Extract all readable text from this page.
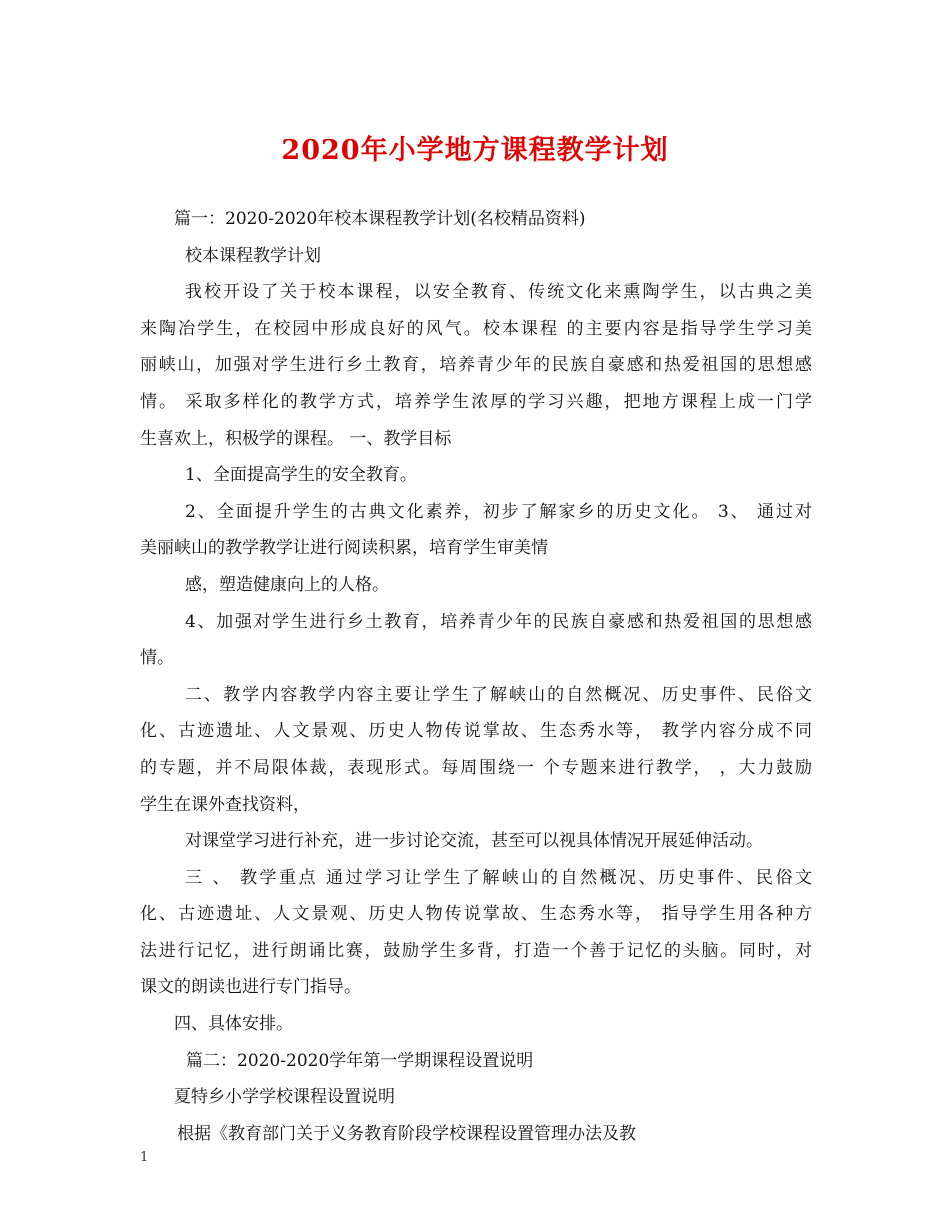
2020年小学地方课程教学计划
篇一：2020-2020年校本课程教学计划(名校精品资料)
校本课程教学计划
我校开设了关于校本课程，以安全教育、传统文化来熏陶学生，以古典之美
来陶冶学生，在校园中形成良好的风气。校本课程 的主要内容是指导学生学习美
丽峡山，加强对学生进行乡土教育，培养青少年的民族自豪感和热爱祖国的思想感
情。 采取多样化的教学方式，培养学生浓厚的学习兴趣，把地方课程上成一门学
生喜欢上，积极学的课程。 一、教学目标
1、全面提高学生的安全教育。
2、全面提升学生的古典文化素养，初步了解家乡的历史文化。 3、 通过对
美丽峡山的教学教学让进行阅读积累，培育学生审美情
感，塑造健康向上的人格。
4、加强对学生进行乡土教育，培养青少年的民族自豪感和热爱祖国的思想感
情。
二、教学内容教学内容主要让学生了解峡山的自然概况、历史事件、民俗文
化、古迹遗址、人文景观、历史人物传说掌故、生态秀水等， 教学内容分成不同
的专题，并不局限体裁，表现形式。每周围绕一 个专题来进行教学， ，大力鼓励
学生在课外查找资料，
对课堂学习进行补充，进一步讨论交流，甚至可以视具体情况开展延伸活动。
三 、 教学重点 通过学习让学生了解峡山的自然概况、历史事件、民俗文
化、古迹遗址、人文景观、历史人物传说掌故、生态秀水等， 指导学生用各种方
法进行记忆，进行朗诵比赛，鼓励学生多背，打造一个善于记忆的头脑。同时，对
课文的朗读也进行专门指导。
四、具体安排。
篇二：2020-2020学年第一学期课程设置说明
夏特乡小学学校课程设置说明
根据《教育部门关于义务教育阶段学校课程设置管理办法及教
1
